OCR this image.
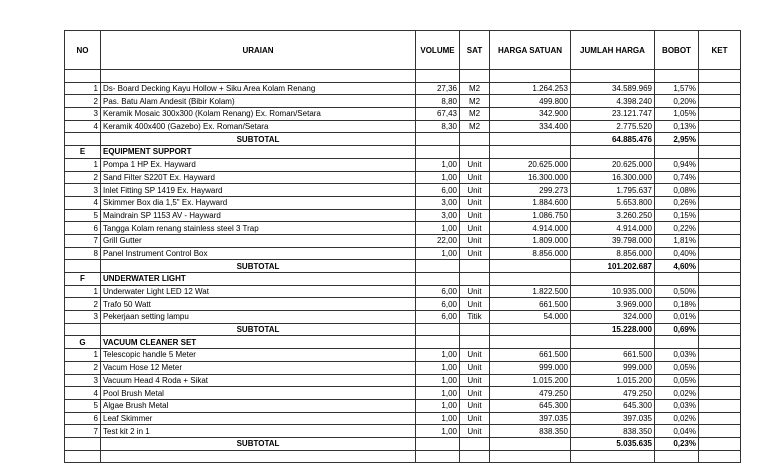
NO	URAIAN	VOLUME	SAT	HARGA SATUAN	JUMLAH HARGA	BOBOT	KET

1	Ds- Board Decking Kayu Hollow + Siku Area Kolam Renang	27,36	M2	1.264.253	34.589.969	1,57%	
2	Pas. Batu Alam Andesit (Bibir Kolam)	8,80	M2	499.800	4.398.240	0,20%	
3	Keramik Mosaic 300x300 (Kolam Renang) Ex. Roman/Setara	67,43	M2	342.900	23.121.747	1,05%	
4	Keramik 400x400 (Gazebo) Ex. Roman/Setara	8,30	M2	334.400	2.775.520	0,13%	
	SUBTOTAL				64.885.476	2,95%	
E	EQUIPMENT SUPPORT						
1	Pompa 1 HP Ex. Hayward	1,00	Unit	20.625.000	20.625.000	0,94%	
2	Sand Filter S220T Ex. Hayward	1,00	Unit	16.300.000	16.300.000	0,74%	
3	Inlet Fitting SP 1419 Ex. Hayward	6,00	Unit	299.273	1.795.637	0,08%	
4	Skimmer Box dia 1,5" Ex. Hayward	3,00	Unit	1.884.600	5.653.800	0,26%	
5	Maindrain SP 1153 AV - Hayward	3,00	Unit	1.086.750	3.260.250	0,15%	
6	Tangga Kolam renang stainless steel 3 Trap	1,00	Unit	4.914.000	4.914.000	0,22%	
7	Grill Gutter	22,00	Unit	1.809.000	39.798.000	1,81%	
8	Panel Instrument Control Box	1,00	Unit	8.856.000	8.856.000	0,40%	
	SUBTOTAL				101.202.687	4,60%	
F	UNDERWATER LIGHT						
1	Underwater Light LED 12 Wat	6,00	Unit	1.822.500	10.935.000	0,50%	
2	Trafo 50 Watt	6,00	Unit	661.500	3.969.000	0,18%	
3	Pekerjaan setting lampu	6,00	Titik	54.000	324.000	0,01%	
	SUBTOTAL				15.228.000	0,69%	
G	VACUUM CLEANER SET						
1	Telescopic handle 5 Meter	1,00	Unit	661.500	661.500	0,03%	
2	Vacum Hose 12 Meter	1,00	Unit	999.000	999.000	0,05%	
3	Vacuum Head 4 Roda + Sikat	1,00	Unit	1.015.200	1.015.200	0,05%	
4	Pool Brush Metal	1,00	Unit	479.250	479.250	0,02%	
5	Algae Brush Metal	1,00	Unit	645.300	645.300	0,03%	
6	Leaf Skimmer	1,00	Unit	397.035	397.035	0,02%	
7	Test kit 2 in 1	1,00	Unit	838.350	838.350	0,04%	
	SUBTOTAL				5.035.635	0,23%	
